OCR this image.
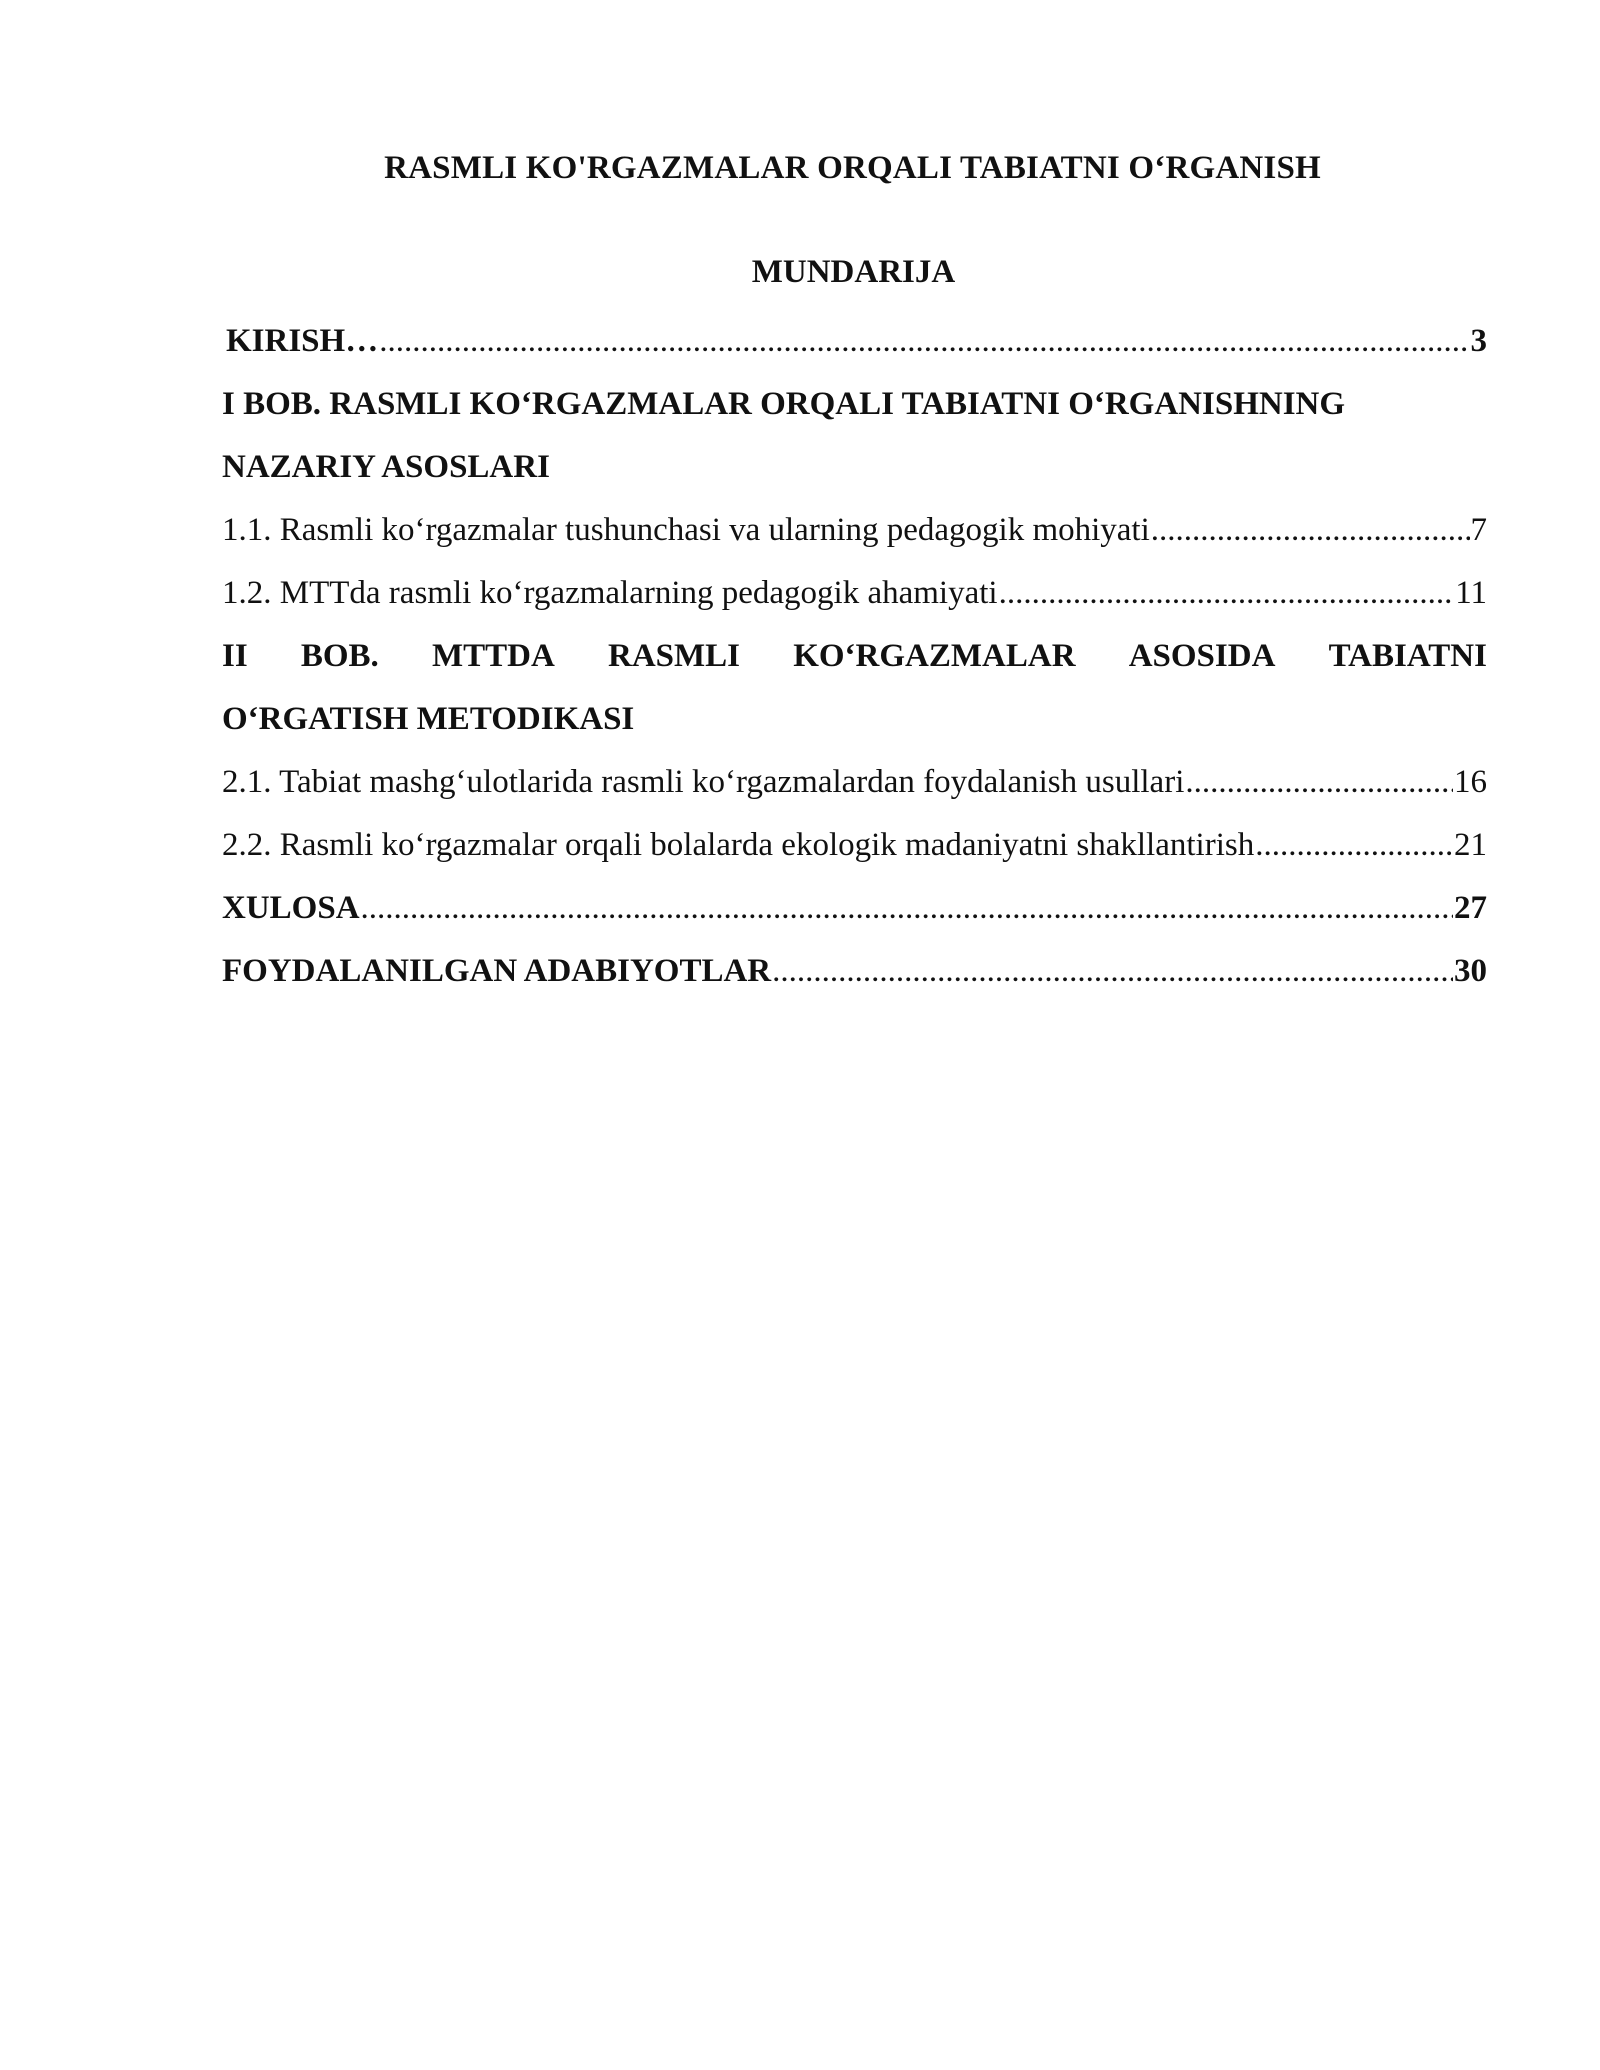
RASMLI KO'RGAZMALAR ORQALI TABIATNI O‘RGANISH
MUNDARIJA
KIRISH… .....	3
I BOB. RASMLI KO‘RGAZMALAR ORQALI TABIATNI O‘RGANISHNING
NAZARIY ASOSLARI
1.1. Rasmli ko‘rgazmalar tushunchasi va ularning pedagogik mohiyati .....	7
1.2. MTTda rasmli ko‘rgazmalarning pedagogik ahamiyati .....	11
II BOB. MTTDA RASMLI KO‘RGAZMALAR ASOSIDA TABIATNI
O‘RGATISH METODIKASI
2.1. Tabiat mashg‘ulotlarida rasmli ko‘rgazmalardan foydalanish usullari .....	16
2.2. Rasmli ko‘rgazmalar orqali bolalarda ekologik madaniyatni shakllantirish .....	21
XULOSA .....	27
FOYDALANILGAN ADABIYOTLAR .....	30
